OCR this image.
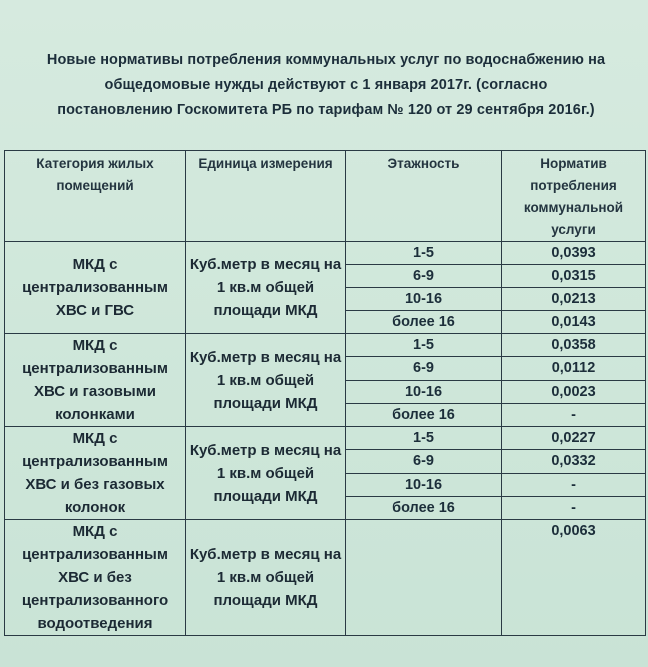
Новые нормативы потребления коммунальных услуг по водоснабжению на
общедомовые нужды действуют с 1 января 2017г. (согласно
постановлению Госкомитета РБ по тарифам № 120 от 29 сентября 2016г.)
Категория жилых помещений	Единица измерения	Этажность	Норматив потребления коммунальной услуги
МКД с централизованным ХВС и ГВС	Куб.метр в месяц на 1 кв.м общей площади МКД	1-5	0,0393
		6-9	0,0315
		10-16	0,0213
		более 16	0,0143
МКД с централизованным ХВС и газовыми колонками	Куб.метр в месяц на 1 кв.м общей площади МКД	1-5	0,0358
		6-9	0,0112
		10-16	0,0023
		более 16	-
МКД с централизованным ХВС и без газовых колонок	Куб.метр в месяц на 1 кв.м общей площади МКД	1-5	0,0227
		6-9	0,0332
		10-16	-
		более 16	-
МКД с централизованным ХВС и без централизованного водоотведения	Куб.метр в месяц на 1 кв.м общей площади МКД		0,0063
